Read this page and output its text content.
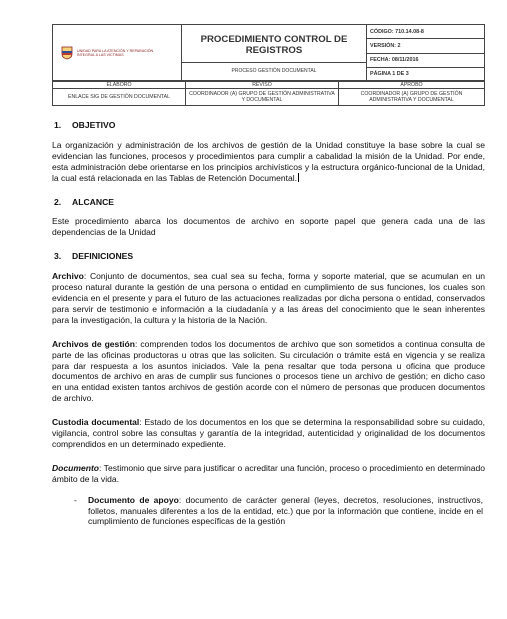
UNIDAD PARA LA ATENCIÓN Y REPARACIÓN INTEGRAL A LAS VÍCTIMAS

PROCEDIMIENTO CONTROL DE REGISTROS
PROCESO GESTIÓN DOCUMENTAL
	CÓDIGO: 710.14.08-8
VERSIÓN: 2
FECHA: 08/11/2016
PÁGINA 1 DE 3
ELABORÓ	REVISÓ	APROBÓ
ENLACE SIG DE GESTIÓN DOCUMENTAL	COORDINADOR (A) GRUPO DE GESTIÓN ADMINISTRATIVA Y DOCUMENTAL	COORDINADOR (A) GRUPO DE GESTIÓN ADMINISTRATIVA Y DOCUMENTAL
1. OBJETIVO

La organización y administración de los archivos de gestión de la Unidad constituye la base sobre la cual se evidencian las funciones, procesos y procedimientos para cumplir a cabalidad la misión de la Unidad. Por ende, esta administración debe orientarse en los principios archivísticos y la estructura orgánico-funcional de la Unidad, la cual está relacionada en las Tablas de Retención Documental.

2. ALCANCE

Este procedimiento abarca los documentos de archivo en soporte papel que genera cada una de las dependencias de la Unidad

3. DEFINICIONES

Archivo: Conjunto de documentos, sea cual sea su fecha, forma y soporte material, que se acumulan en un proceso natural durante la gestión de una persona o entidad en cumplimiento de sus funciones, los cuales son evidencia en el presente y para el futuro de las actuaciones realizadas por dicha persona o entidad, conservados para servir de testimonio e información a la ciudadanía y a las áreas del conocimiento que le sean inherentes para la investigación, la cultura y la historia de la Nación.

Archivos de gestión: comprenden todos los documentos de archivo que son sometidos a continua consulta de parte de las oficinas productoras u otras que las soliciten. Su circulación o trámite está en vigencia y se realiza para dar respuesta a los asuntos iniciados. Vale la pena resaltar que toda persona u oficina que produce documentos de archivo en aras de cumplir sus funciones o procesos tiene un archivo de gestión; en dicho caso en una entidad existen tantos archivos de gestión acorde con el número de personas que producen documentos de archivo.

Custodia documental: Estado de los documentos en los que se determina la responsabilidad sobre su cuidado, vigilancia, control sobre las consultas y garantía de la integridad, autenticidad y originalidad de los documentos comprendidos en un determinado expediente.

Documento: Testimonio que sirve para justificar o acreditar una función, proceso o procedimiento en determinado ámbito de la vida.

-	Documento de apoyo: documento de carácter general (leyes, decretos, resoluciones, instructivos, folletos, manuales diferentes a los de la entidad, etc.) que por la información que contiene, incide en el cumplimiento de funciones específicas de la gestión
